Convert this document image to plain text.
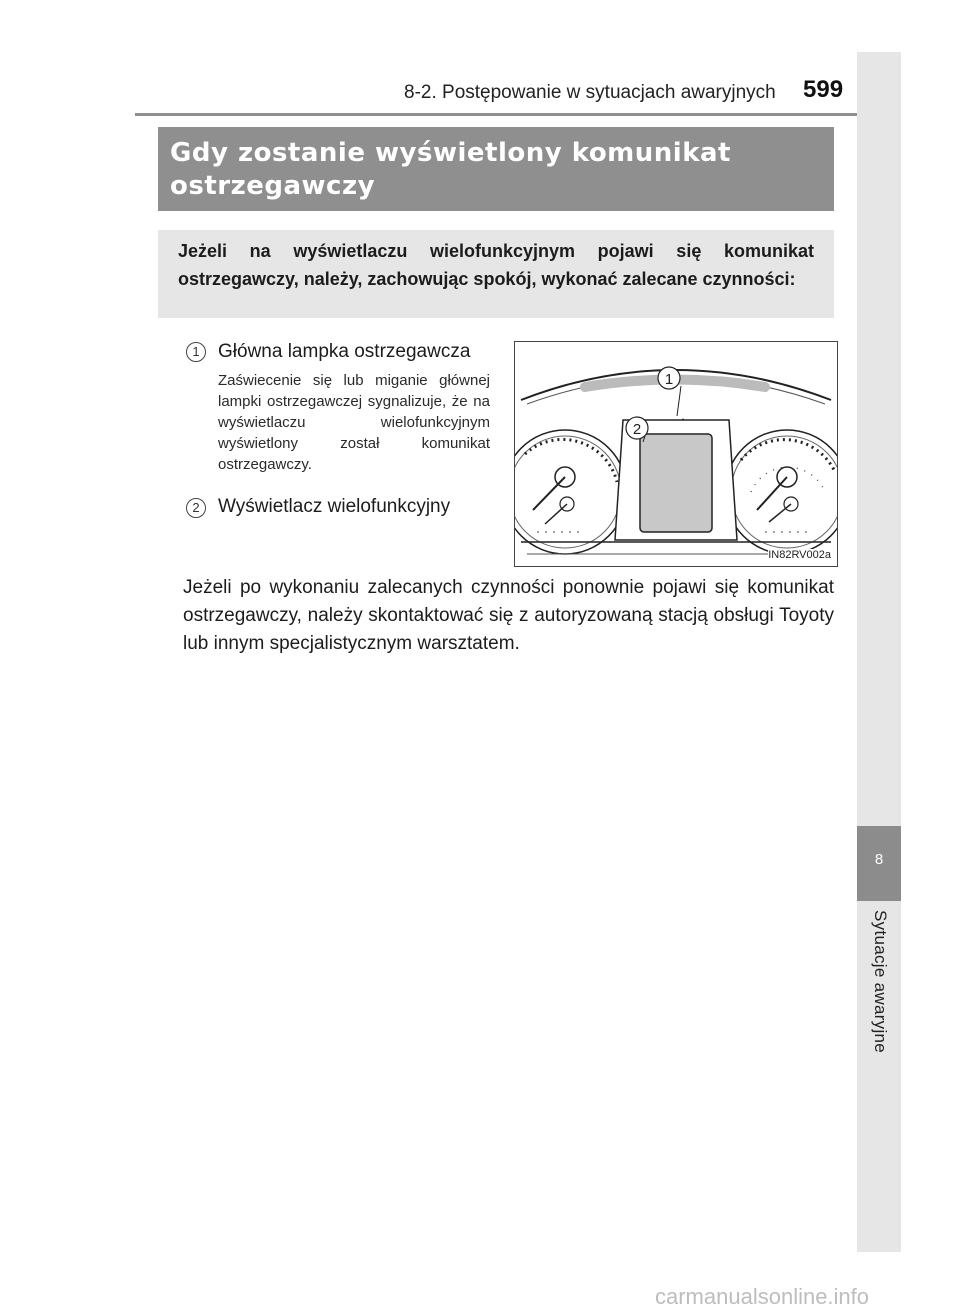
8-2. Postępowanie w sytuacjach awaryjnych 599
8
Sytuacje awaryjne

Gdy zostanie wyświetlony komunikat ostrzegawczy

Jeżeli na wyświetlaczu wielofunkcyjnym pojawi się komunikat ostrzegawczy, należy, zachowując spokój, wykonać zalecane czynności:

1 Główna lampka ostrzegawcza

Zaświecenie się lub miganie głównej lampki ostrzegawczej sygnalizuje, że na wyświetlaczu wielofunkcyjnym wyświetlony został komunikat ostrzegawczy.

2 Wyświetlacz wielofunkcyjny
1
2
IN82RV002a

Jeżeli po wykonaniu zalecanych czynności ponownie pojawi się komunikat ostrzegawczy, należy skontaktować się z autoryzowaną stacją obsługi Toyoty lub innym specjalistycznym warsztatem.

carmanualsonline.info
